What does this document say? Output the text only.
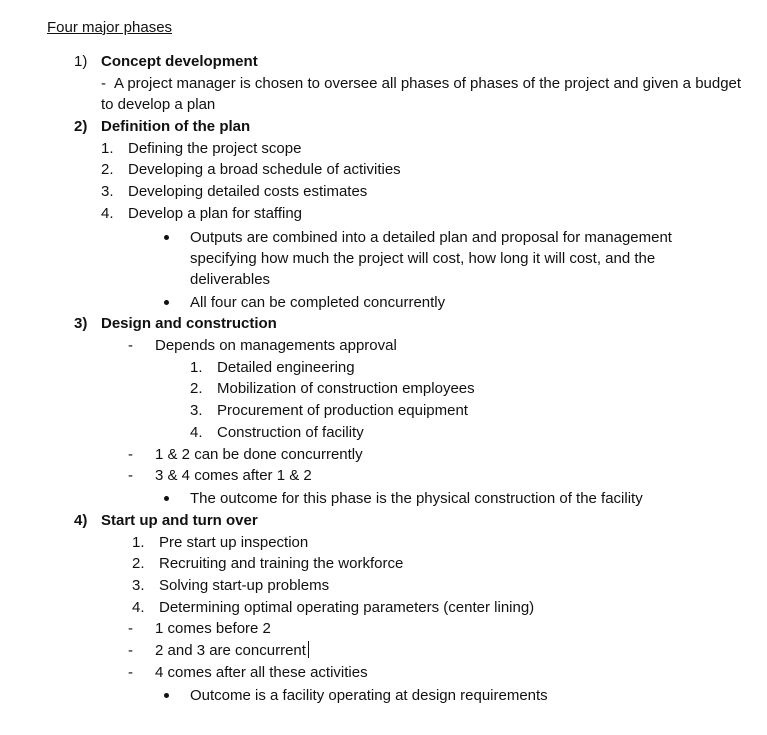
Four major phases
1) Concept development
- A project manager is chosen to oversee all phases of phases of the project and given a budget
to develop a plan
2) Definition of the plan
1. Defining the project scope
2. Developing a broad schedule of activities
3. Developing detailed costs estimates
4. Develop a plan for staffing
Outputs are combined into a detailed plan and proposal for management
specifying how much the project will cost, how long it will cost, and the
deliverables
All four can be completed concurrently
3) Design and construction
- Depends on managements approval
1. Detailed engineering
2. Mobilization of construction employees
3. Procurement of production equipment
4. Construction of facility
- 1 & 2 can be done concurrently
- 3 & 4 comes after 1 & 2
The outcome for this phase is the physical construction of the facility
4) Start up and turn over
1. Pre start up inspection
2. Recruiting and training the workforce
3. Solving start-up problems
4. Determining optimal operating parameters (center lining)
- 1 comes before 2
- 2 and 3 are concurrent
- 4 comes after all these activities
Outcome is a facility operating at design requirements
